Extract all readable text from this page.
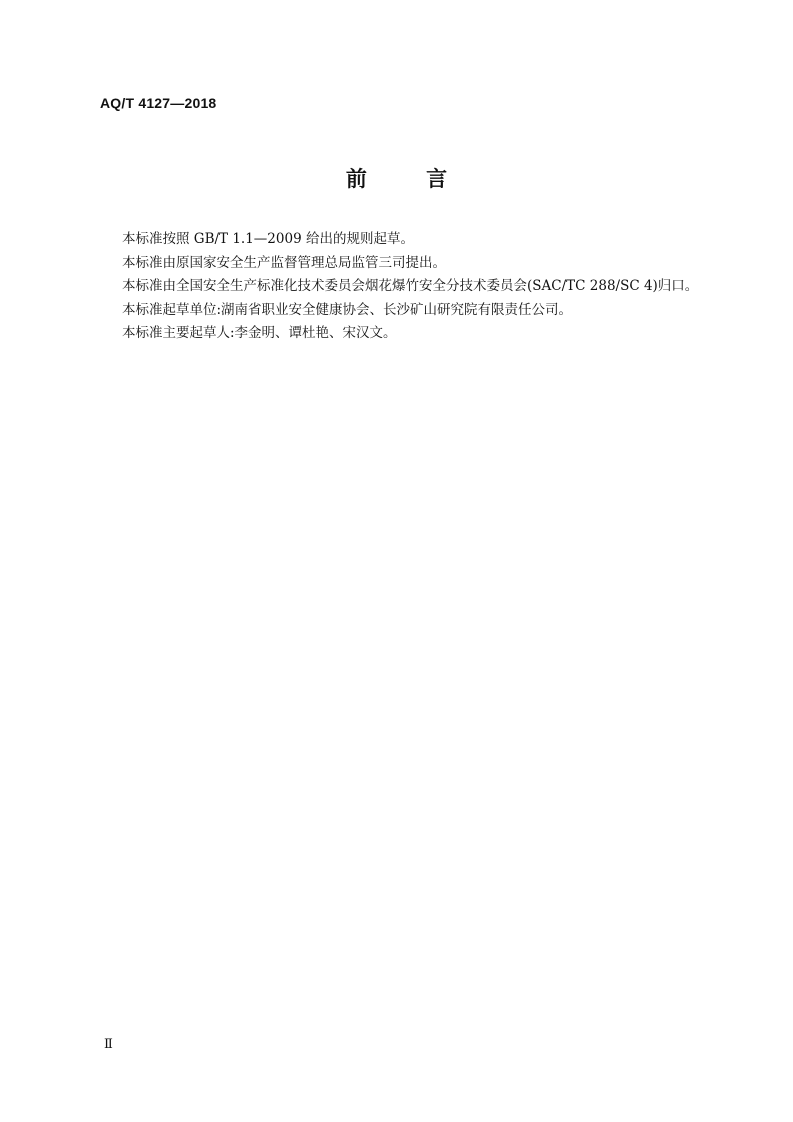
AQ/T 4127—2018
前 言

本标准按照 GB/T 1.1—2009 给出的规则起草。

本标准由原国家安全生产监督管理总局监管三司提出。

本标准由全国安全生产标准化技术委员会烟花爆竹安全分技术委员会(SAC/TC 288/SC 4)归口。

本标准起草单位:湖南省职业安全健康协会、长沙矿山研究院有限责任公司。

本标准主要起草人:李金明、谭杜艳、宋汉文。

Ⅱ
